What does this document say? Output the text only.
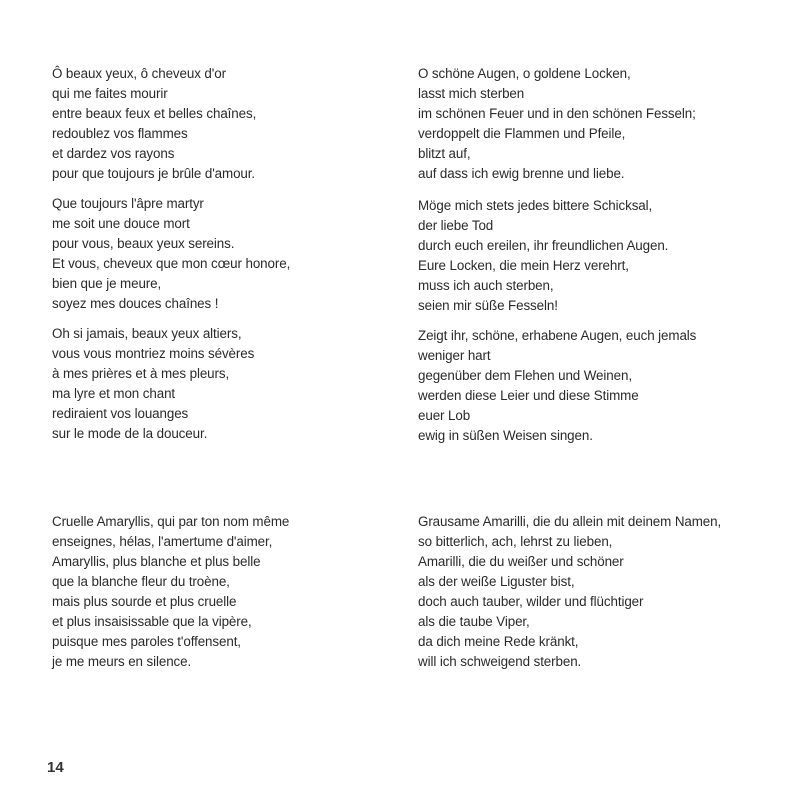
Ô beaux yeux, ô cheveux d'or
qui me faites mourir
entre beaux feux et belles chaînes,
redoublez vos flammes
et dardez vos rayons
pour que toujours je brûle d'amour.
Que toujours l'âpre martyr
me soit une douce mort
pour vous, beaux yeux sereins.
Et vous, cheveux que mon cœur honore,
bien que je meure,
soyez mes douces chaînes !
Oh si jamais, beaux yeux altiers,
vous vous montriez moins sévères
à mes prières et à mes pleurs,
ma lyre et mon chant
rediraient vos louanges
sur le mode de la douceur.
Cruelle Amaryllis, qui par ton nom même
enseignes, hélas, l'amertume d'aimer,
Amaryllis, plus blanche et plus belle
que la blanche fleur du troène,
mais plus sourde et plus cruelle
et plus insaisissable que la vipère,
puisque mes paroles t'offensent,
je me meurs en silence.
O schöne Augen, o goldene Locken,
lasst mich sterben
im schönen Feuer und in den schönen Fesseln;
verdoppelt die Flammen und Pfeile,
blitzt auf,
auf dass ich ewig brenne und liebe.
Möge mich stets jedes bittere Schicksal,
der liebe Tod
durch euch ereilen, ihr freundlichen Augen.
Eure Locken, die mein Herz verehrt,
muss ich auch sterben,
seien mir süße Fesseln!
Zeigt ihr, schöne, erhabene Augen, euch jemals
weniger hart
gegenüber dem Flehen und Weinen,
werden diese Leier und diese Stimme
euer Lob
ewig in süßen Weisen singen.
Grausame Amarilli, die du allein mit deinem Namen,
so bitterlich, ach, lehrst zu lieben,
Amarilli, die du weißer und schöner
als der weiße Liguster bist,
doch auch tauber, wilder und flüchtiger
als die taube Viper,
da dich meine Rede kränkt,
will ich schweigend sterben.
14
